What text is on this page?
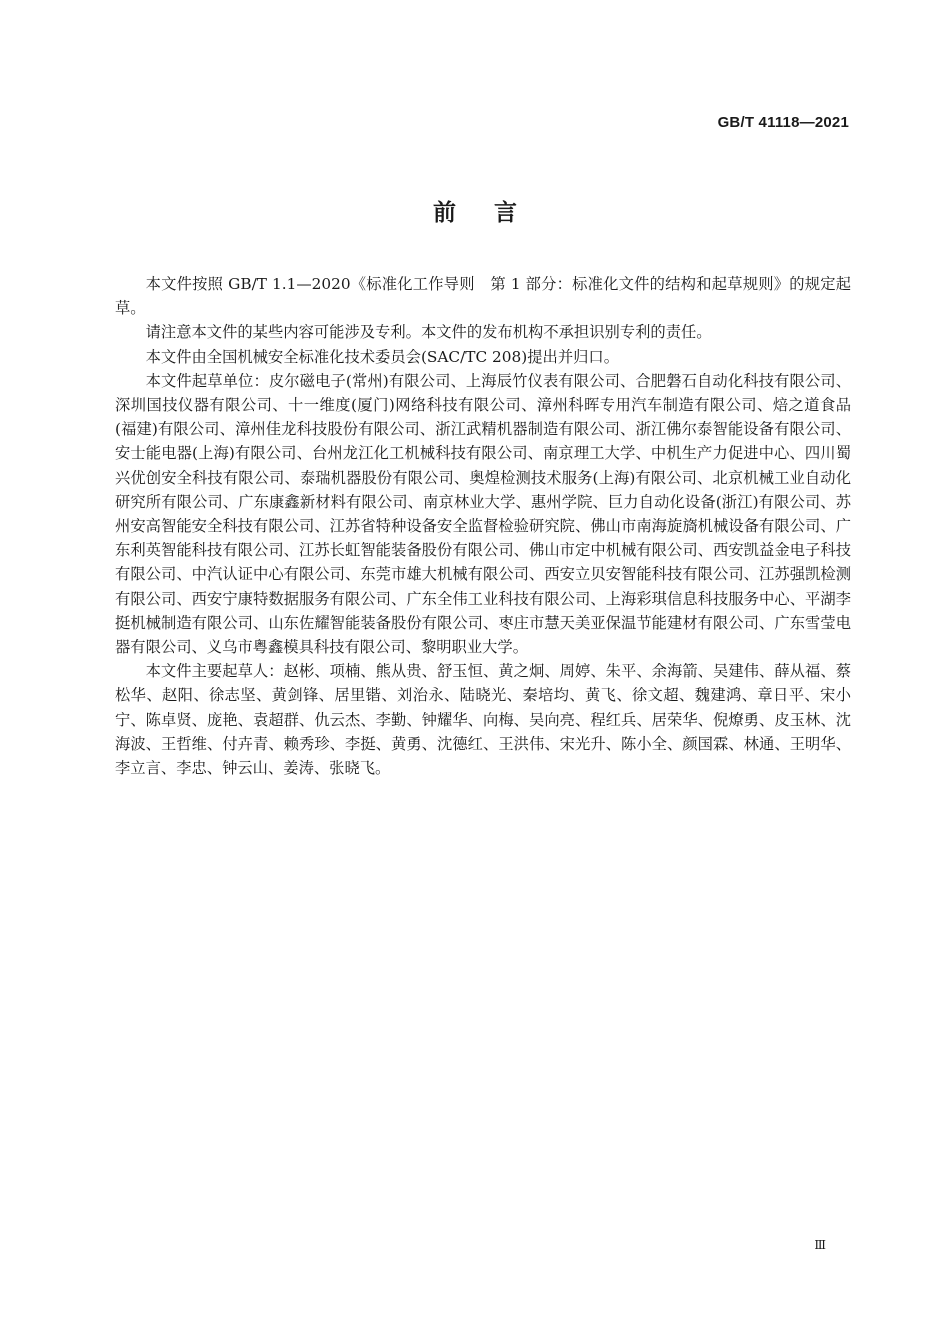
GB/T 41118—2021
前言

本文件按照 GB/T 1.1—2020《标准化工作导则　第 1 部分：标准化文件的结构和起草规则》的规定起草。

请注意本文件的某些内容可能涉及专利。本文件的发布机构不承担识别专利的责任。

本文件由全国机械安全标准化技术委员会(SAC/TC 208)提出并归口。

本文件起草单位：皮尔磁电子(常州)有限公司、上海辰竹仪表有限公司、合肥磐石自动化科技有限公司、深圳国技仪器有限公司、十一维度(厦门)网络科技有限公司、漳州科晖专用汽车制造有限公司、焙之道食品(福建)有限公司、漳州佳龙科技股份有限公司、浙江武精机器制造有限公司、浙江佛尔泰智能设备有限公司、安士能电器(上海)有限公司、台州龙江化工机械科技有限公司、南京理工大学、中机生产力促进中心、四川蜀兴优创安全科技有限公司、泰瑞机器股份有限公司、奥煌检测技术服务(上海)有限公司、北京机械工业自动化研究所有限公司、广东康鑫新材料有限公司、南京林业大学、惠州学院、巨力自动化设备(浙江)有限公司、苏州安高智能安全科技有限公司、江苏省特种设备安全监督检验研究院、佛山市南海旋旖机械设备有限公司、广东利英智能科技有限公司、江苏长虹智能装备股份有限公司、佛山市定中机械有限公司、西安凯益金电子科技有限公司、中汽认证中心有限公司、东莞市雄大机械有限公司、西安立贝安智能科技有限公司、江苏强凯检测有限公司、西安宁康特数据服务有限公司、广东全伟工业科技有限公司、上海彩琪信息科技服务中心、平湖李挺机械制造有限公司、山东佐耀智能装备股份有限公司、枣庄市慧天美亚保温节能建材有限公司、广东雪莹电器有限公司、义乌市粤鑫模具科技有限公司、黎明职业大学。

本文件主要起草人：赵彬、项楠、熊从贵、舒玉恒、黄之炯、周婷、朱平、余海箭、吴建伟、薛从福、蔡松华、赵阳、徐志坚、黄剑锋、居里锴、刘治永、陆晓光、秦培均、黄飞、徐文超、魏建鸿、章日平、宋小宁、陈卓贤、庞艳、袁超群、仇云杰、李勤、钟耀华、向梅、吴向亮、程红兵、居荣华、倪燎勇、皮玉林、沈海波、王哲维、付卉青、赖秀珍、李挺、黄勇、沈德红、王洪伟、宋光升、陈小全、颜国霖、林通、王明华、李立言、李忠、钟云山、姜涛、张晓飞。

Ⅲ
